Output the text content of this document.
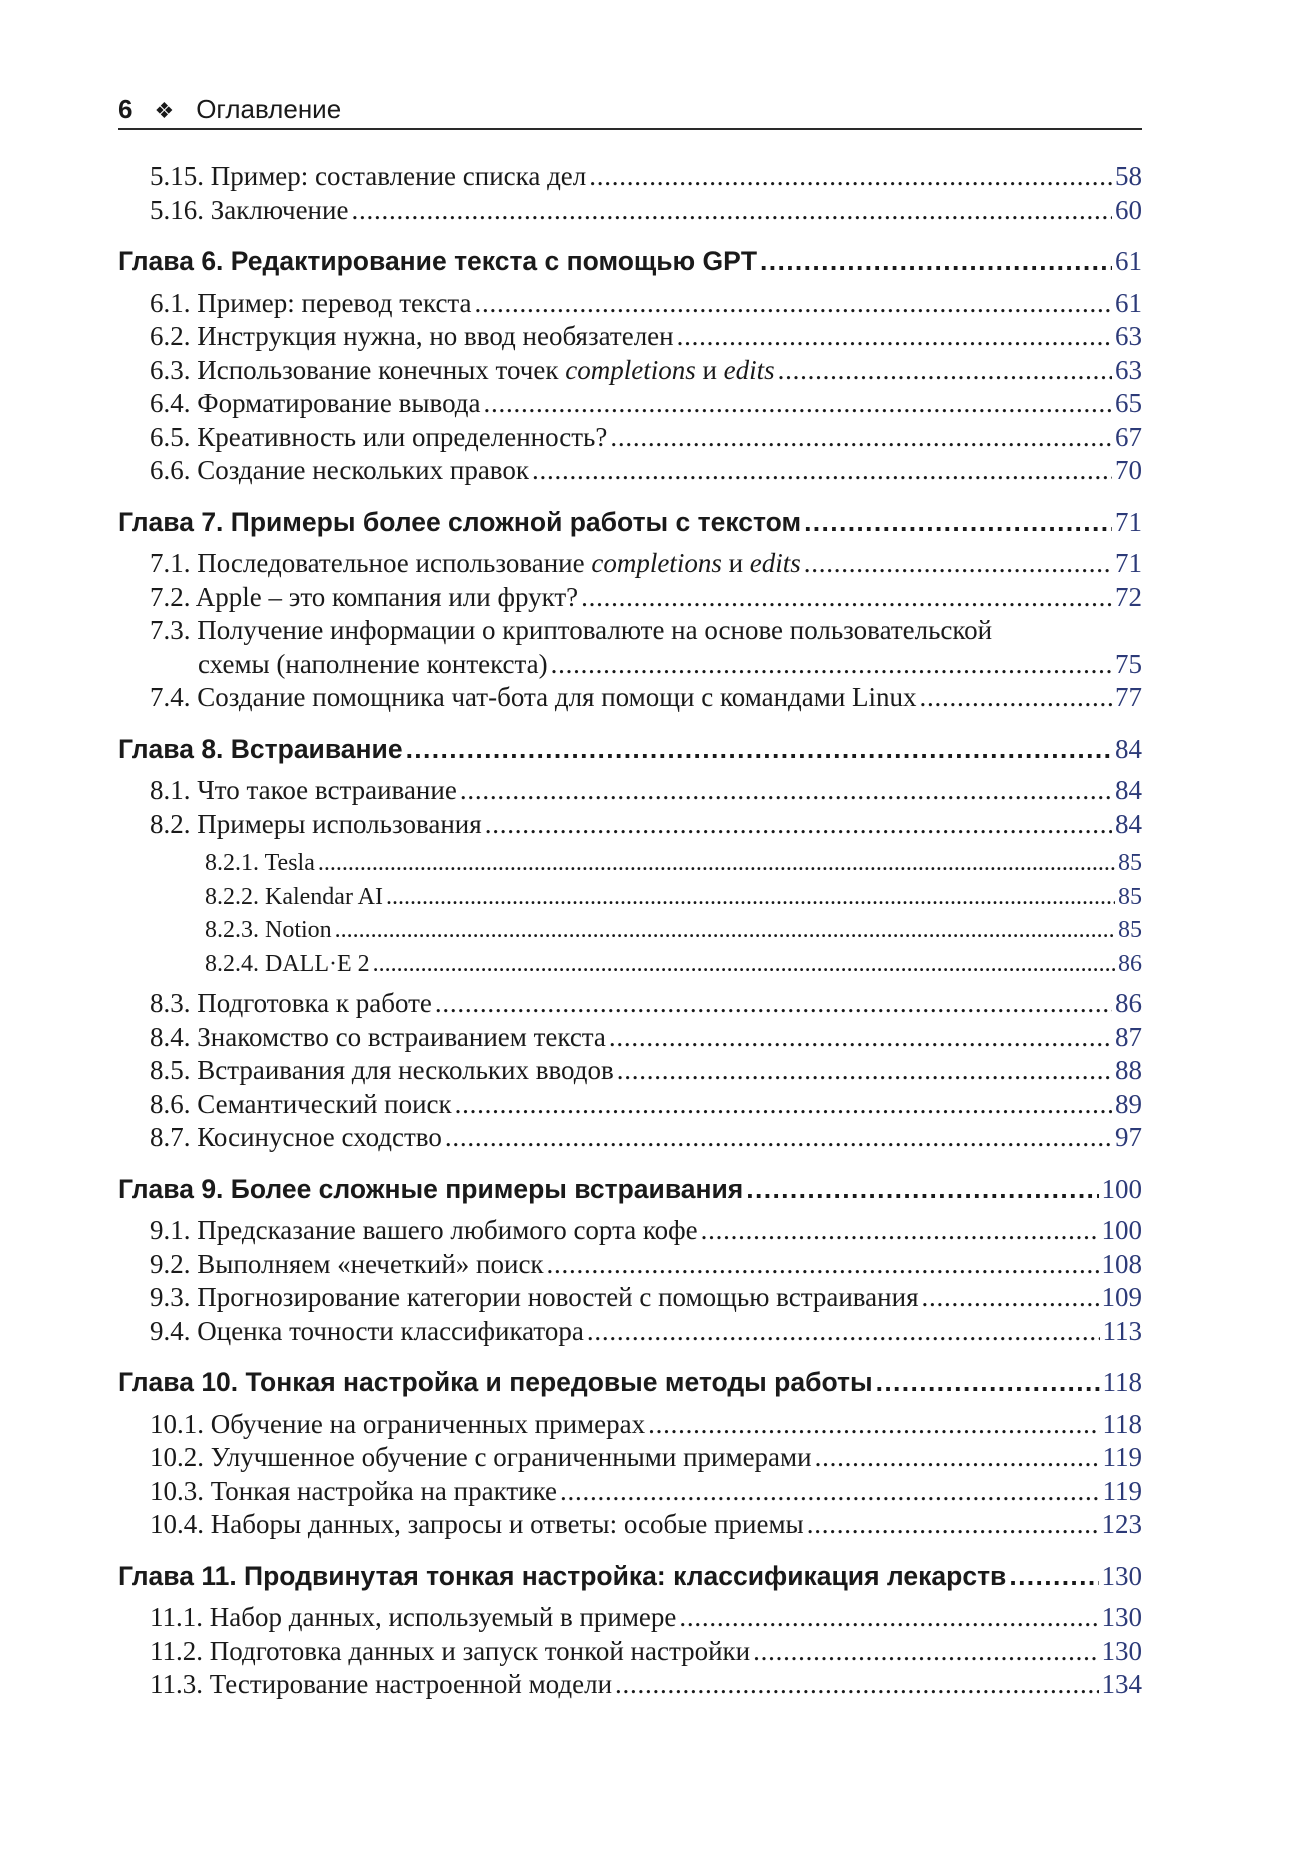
6 ❖ Оглавление
5.15. Пример: составление списка дел . . .	58
5.16. Заключение . . .	60
Глава 6. Редактирование текста с помощью GPT . . .	61
6.1. Пример: перевод текста . . .	61
6.2. Инструкция нужна, но ввод необязателен . . .	63
6.3. Использование конечных точек completions и edits . . .	63
6.4. Форматирование вывода . . .	65
6.5. Креативность или определенность? . . .	67
6.6. Создание нескольких правок . . .	70
Глава 7. Примеры более сложной работы с текстом . . .	71
7.1. Последовательное использование completions и edits . . .	71
7.2. Apple – это компания или фрукт? . . .	72
7.3. Получение информации о криптовалюте на основе пользовательской
схемы (наполнение контекста) . . .	75
7.4. Создание помощника чат-бота для помощи с командами Linux . . .	77
Глава 8. Встраивание . . .	84
8.1. Что такое встраивание . . .	84
8.2. Примеры использования . . .	84
8.2.1. Tesla . . .	85
8.2.2. Kalendar AI . . .	85
8.2.3. Notion . . .	85
8.2.4. DALL·E 2 . . .	86
8.3. Подготовка к работе . . .	86
8.4. Знакомство со встраиванием текста . . .	87
8.5. Встраивания для нескольких вводов . . .	88
8.6. Семантический поиск . . .	89
8.7. Косинусное сходство . . .	97
Глава 9. Более сложные примеры встраивания . . .	100
9.1. Предсказание вашего любимого сорта кофе . . .	100
9.2. Выполняем «нечеткий» поиск . . .	108
9.3. Прогнозирование категории новостей с помощью встраивания . . .	109
9.4. Оценка точности классификатора . . .	113
Глава 10. Тонкая настройка и передовые методы работы . . .	118
10.1. Обучение на ограниченных примерах . . .	118
10.2. Улучшенное обучение с ограниченными примерами . . .	119
10.3. Тонкая настройка на практике . . .	119
10.4. Наборы данных, запросы и ответы: особые приемы . . .	123
Глава 11. Продвинутая тонкая настройка: классификация лекарств . . .	130
11.1. Набор данных, используемый в примере . . .	130
11.2. Подготовка данных и запуск тонкой настройки . . .	130
11.3. Тестирование настроенной модели . . .	134
